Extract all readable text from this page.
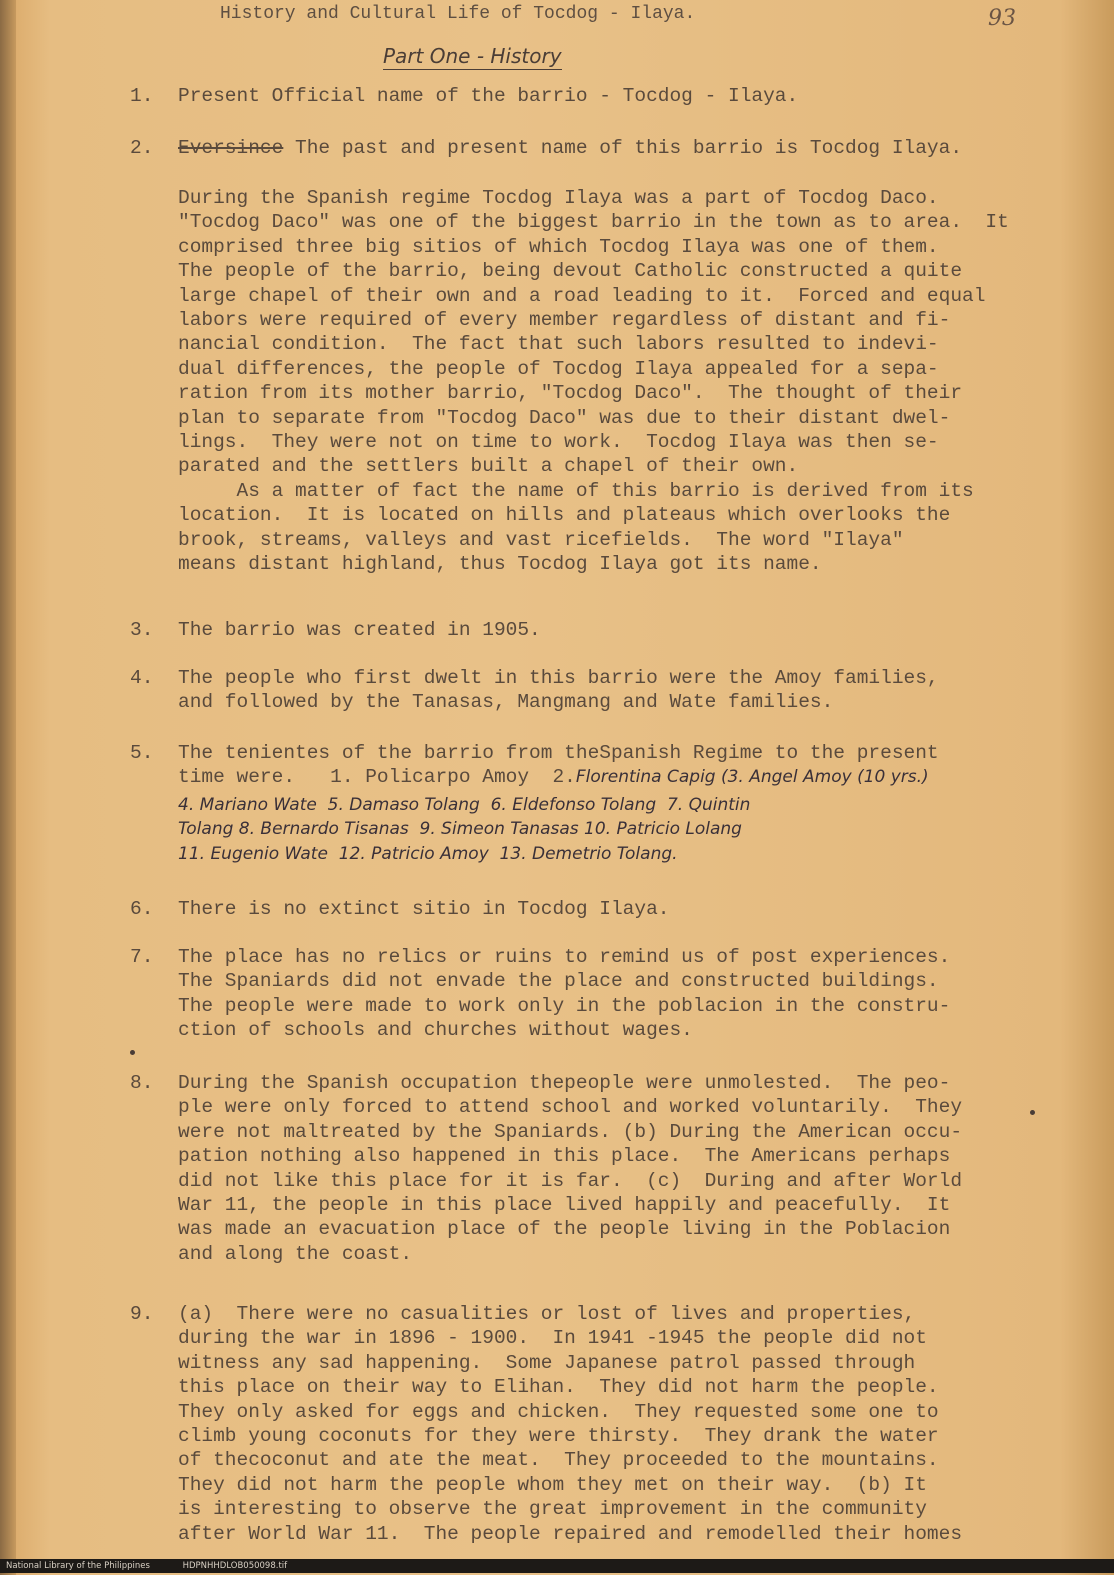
History and Cultural Life of Tocdog - Ilaya.	93
Part One - History
1. Present Official name of the barrio - Tocdog - Ilaya.
2. Eversince The past and present name of this barrio is Tocdog Ilaya.
During the Spanish regime Tocdog Ilaya was a part of Tocdog Daco.
"Tocdog Daco" was one of the biggest barrio in the town as to area.  It
comprised three big sitios of which Tocdog Ilaya was one of them.
The people of the barrio, being devout Catholic constructed a quite
large chapel of their own and a road leading to it.  Forced and equal
labors were required of every member regardless of distant and fi-
nancial condition.  The fact that such labors resulted to indevi-
dual differences, the people of Tocdog Ilaya appealed for a sepa-
ration from its mother barrio, "Tocdog Daco".  The thought of their
plan to separate from "Tocdog Daco" was due to their distant dwel-
lings.  They were not on time to work.  Tocdog Ilaya was then se-
parated and the settlers built a chapel of their own.
As a matter of fact the name of this barrio is derived from its
location.  It is located on hills and plateaus which overlooks the
brook, streams, valleys and vast ricefields.  The word "Ilaya"
means distant highland, thus Tocdog Ilaya got its name.
3. The barrio was created in 1905.
4. The people who first dwelt in this barrio were the Amoy families,
and followed by the Tanasas, Mangmang and Wate families.
5. The tenientes of the barrio from theSpanish Regime to the present
time were.   1. Policarpo Amoy  2.Florentina Capig (3. Angel Amoy (10 yrs.)
4. Mariano Wate  5. Damaso Tolang  6. Eldefonso Tolang  7. Quintin
Tolang 8. Bernardo Tisanas  9. Simeon Tanasas 10. Patricio Lolang
11. Eugenio Wate  12. Patricio Amoy  13. Demetrio Tolang.
6. There is no extinct sitio in Tocdog Ilaya.
7. The place has no relics or ruins to remind us of post experiences.
The Spaniards did not envade the place and constructed buildings.
The people were made to work only in the poblacion in the constru-
ction of schools and churches without wages.
8. During the Spanish occupation thepeople were unmolested.  The peo-
ple were only forced to attend school and worked voluntarily.  They
were not maltreated by the Spaniards. (b) During the American occu-
pation nothing also happened in this place.  The Americans perhaps
did not like this place for it is far.  (c)  During and after World
War 11, the people in this place lived happily and peacefully.  It
was made an evacuation place of the people living in the Poblacion
and along the coast.
9. (a)  There were no casualities or lost of lives and properties,
during the war in 1896 - 1900.  In 1941 -1945 the people did not
witness any sad happening.  Some Japanese patrol passed through
this place on their way to Elihan.  They did not harm the people.
They only asked for eggs and chicken.  They requested some one to
climb young coconuts for they were thirsty.  They drank the water
of thecoconut and ate the meat.  They proceeded to the mountains.
They did not harm the people whom they met on their way.  (b) It
is interesting to observe the great improvement in the community
after World War 11.  The people repaired and remodelled their homes
National Library of the Philippines	HDPNHHDLOB050098.tif
